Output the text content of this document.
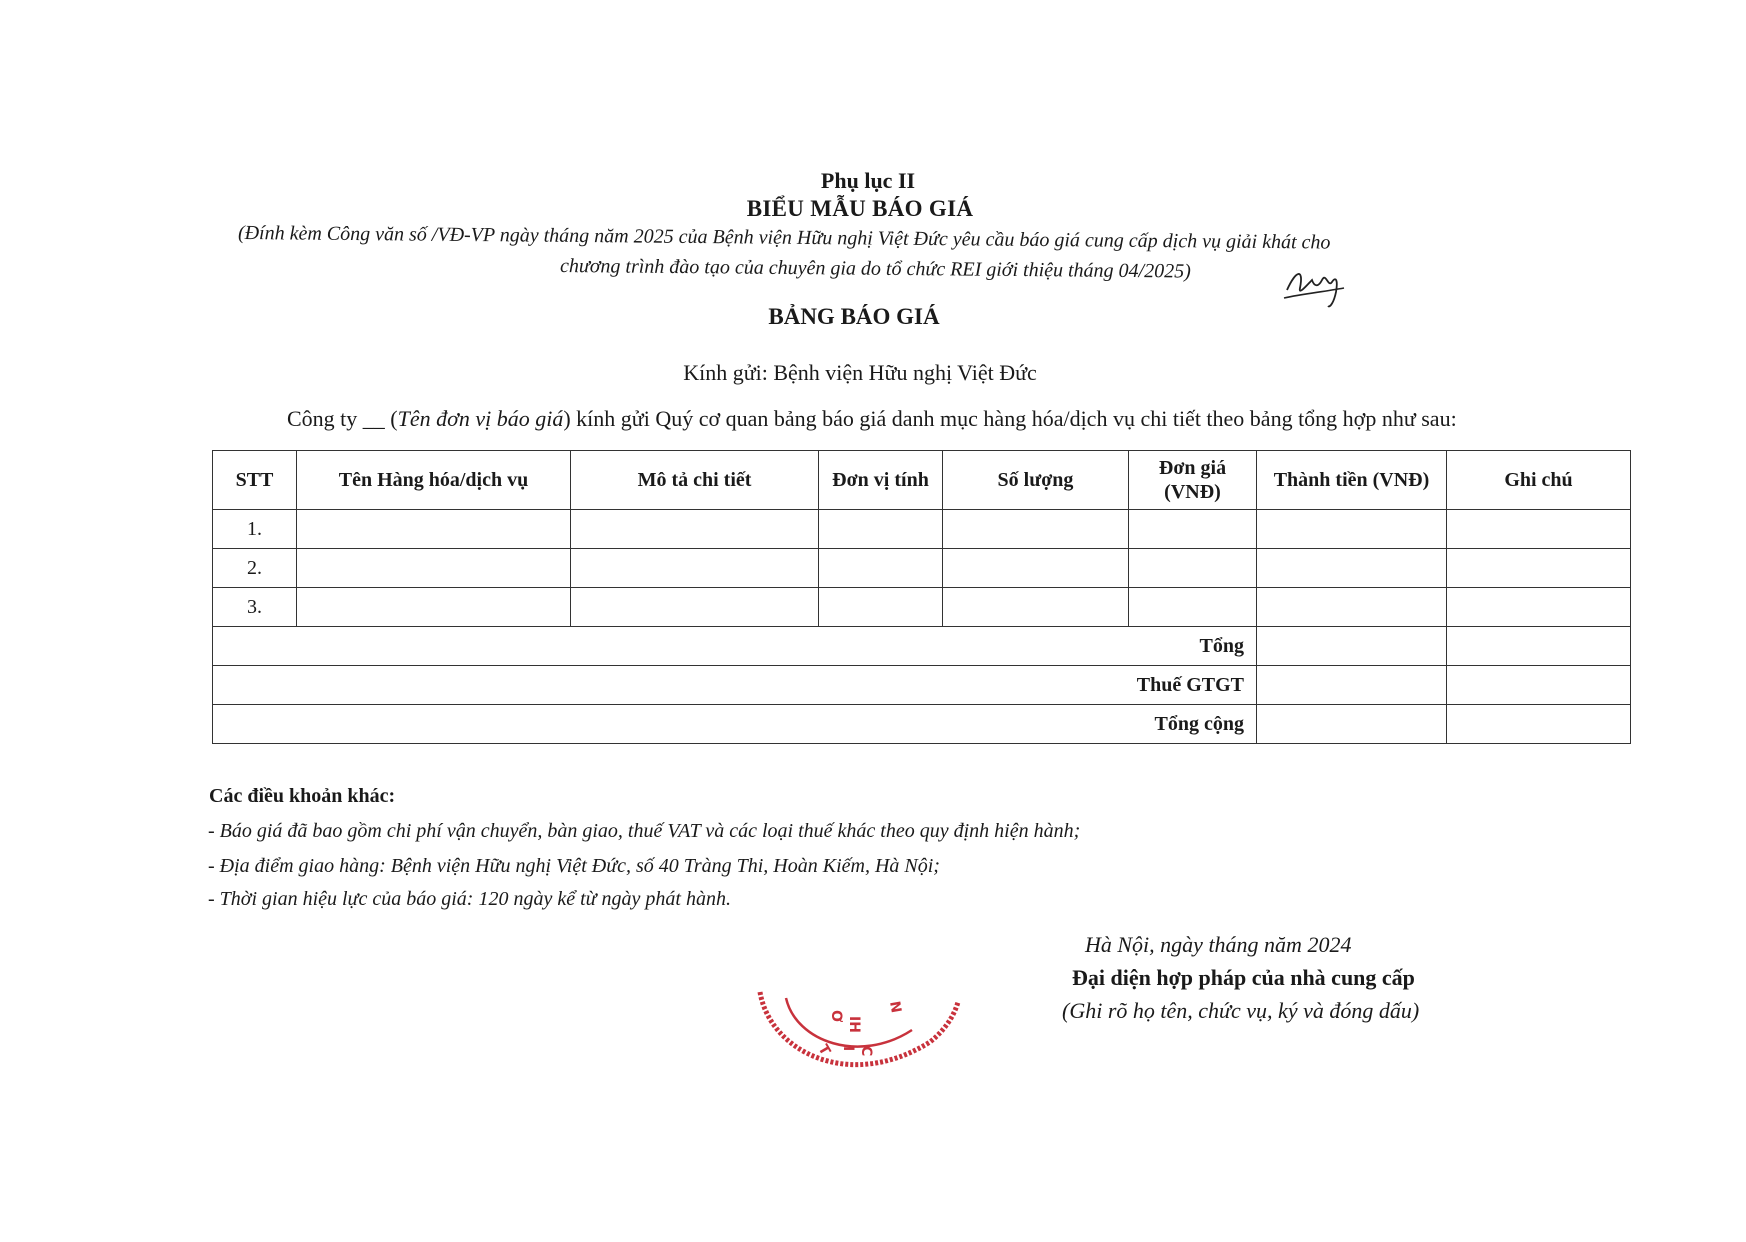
Phụ lục II
BIỂU MẪU BÁO GIÁ
(Đính kèm Công văn số /VĐ-VP ngày tháng năm 2025 của Bệnh viện Hữu nghị Việt Đức yêu cầu báo giá cung cấp dịch vụ giải khát cho
chương trình đào tạo của chuyên gia do tổ chức REI giới thiệu tháng 04/2025)
BẢNG BÁO GIÁ
Kính gửi: Bệnh viện Hữu nghị Việt Đức
Công ty __ (Tên đơn vị báo giá) kính gửi Quý cơ quan bảng báo giá danh mục hàng hóa/dịch vụ chi tiết theo bảng tổng hợp như sau:
STT	Tên Hàng hóa/dịch vụ	Mô tả chi tiết	Đơn vị tính	Số lượng	Đơn giá (VNĐ)	Thành tiền (VNĐ)	Ghi chú
1.							
2.							
3.							
Tổng							
Thuế GTGT							
Tổng cộng							
Các điều khoản khác:
- Báo giá đã bao gồm chi phí vận chuyển, bàn giao, thuế VAT và các loại thuế khác theo quy định hiện hành;
- Địa điểm giao hàng: Bệnh viện Hữu nghị Việt Đức, số 40 Tràng Thi, Hoàn Kiếm, Hà Nội;
- Thời gian hiệu lực của báo giá: 120 ngày kể từ ngày phát hành.
Hà Nội, ngày tháng năm 2024
Đại diện hợp pháp của nhà cung cấp
(Ghi rõ họ tên, chức vụ, ký và đóng dấu)
Ơ IH
N
T I C
